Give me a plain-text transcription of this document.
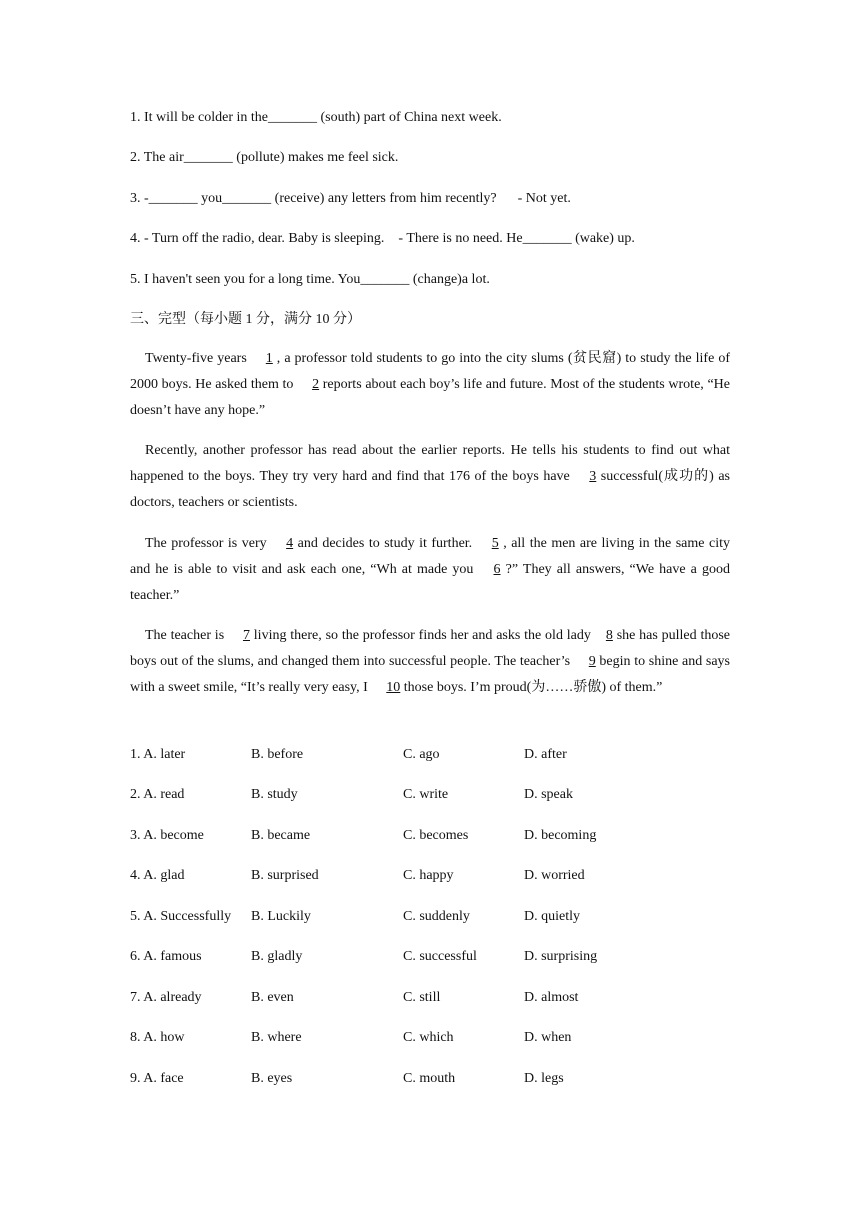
1. It will be colder in the_______ (south) part of China next week.
2. The air_______ (pollute) makes me feel sick.
3. -_______ you_______ (receive) any letters from him recently?      - Not yet.
4. - Turn off the radio, dear. Baby is sleeping.    - There is no need. He_______ (wake) up.
5. I haven't seen you for a long time. You_______ (change)a lot.
三、完型（每小题 1 分，满分 10 分）

Twenty-five years 1 , a professor told students to go into the city slums (贫民窟) to study the life of 2000 boys. He asked them to 2 reports about each boy’s life and future. Most of the students wrote, “He doesn’t have any hope.”

Recently, another professor has read about the earlier reports. He tells his students to find out what happened to the boys. They try very hard and find that 176 of the boys have 3 successful(成功的) as doctors, teachers or scientists.

The professor is very 4 and decides to study it further. 5 , all the men are living in the same city and he is able to visit and ask each one, “Wh at made you 6 ?” They all answers, “We have a good teacher.”

The teacher is 7 living there, so the professor finds her and asks the old lady8 she has pulled those boys out of the slums, and changed them into successful people. The teacher’s 9 begin to shine and says with a sweet smile, “It’s really very easy, I 10 those boys. I’m proud(为……骄傲) of them.”

1. A. later	B. before	C. ago	D. after
2. A. read	B. study	C. write	D. speak
3. A. become	B. became	C. becomes	D. becoming
4. A. glad	B. surprised	C. happy	D. worried
5. A. Successfully B. Luckily	C. suddenly	D. quietly
6. A. famous	B. gladly	C. successful	D. surprising
7. A. already	B. even	C. still	D. almost
8. A. how	B. where	C. which	D. when
9. A. face	B. eyes	C. mouth	D. legs
